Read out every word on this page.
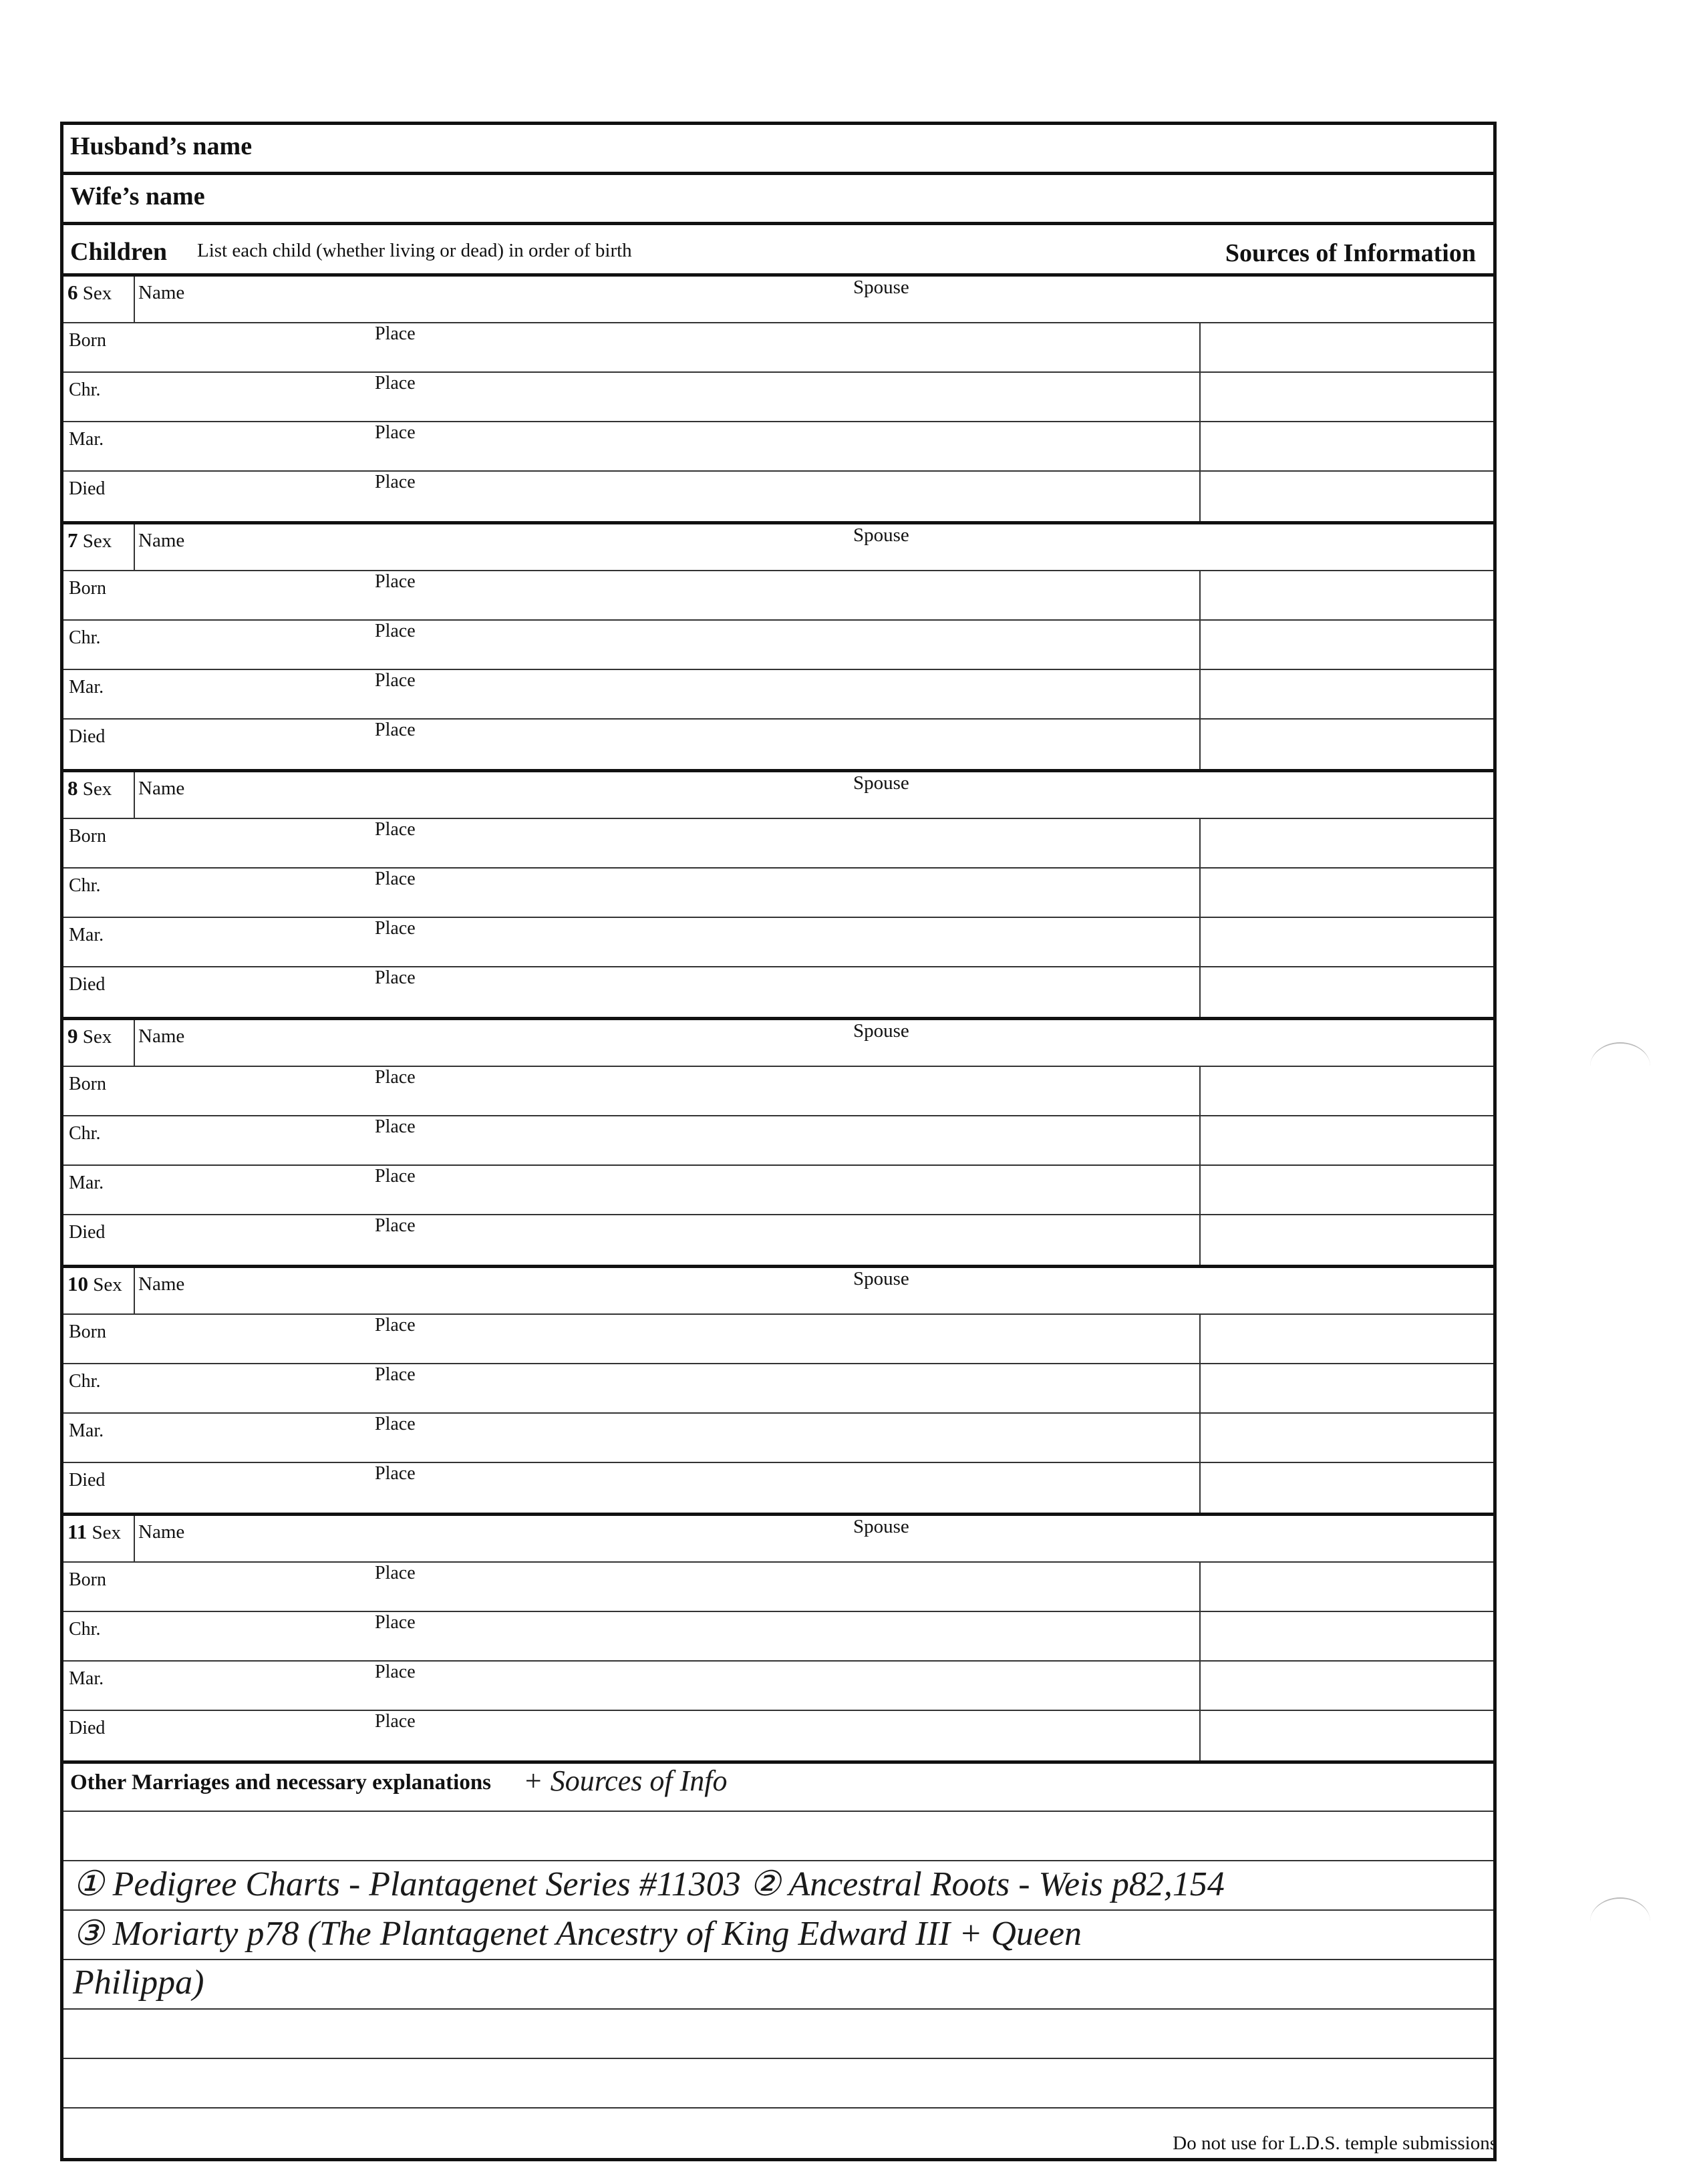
Husband’s name
Wife’s name
Children List each child (whether living or dead) in order of birth	Sources of Information
6 Sex Name	Spouse
Born	Place
Chr.	Place
Mar.	Place
Died	Place
7 Sex Name	Spouse
Born	Place
Chr.	Place
Mar.	Place
Died	Place
8 Sex Name	Spouse
Born	Place
Chr.	Place
Mar.	Place
Died	Place
9 Sex Name	Spouse
Born	Place
Chr.	Place
Mar.	Place
Died	Place
10 Sex Name	Spouse
Born	Place
Chr.	Place
Mar.	Place
Died	Place
11 Sex Name	Spouse
Born	Place
Chr.	Place
Mar.	Place
Died	Place
Other Marriages and necessary explanations + Sources of Info
① Pedigree Charts - Plantagenet Series #11303 ② Ancestral Roots - Weis p82,154
③ Moriarty p78 (The Plantagenet Ancestry of King Edward III + Queen
Philippa)
Do not use for L.D.S. temple submissions
